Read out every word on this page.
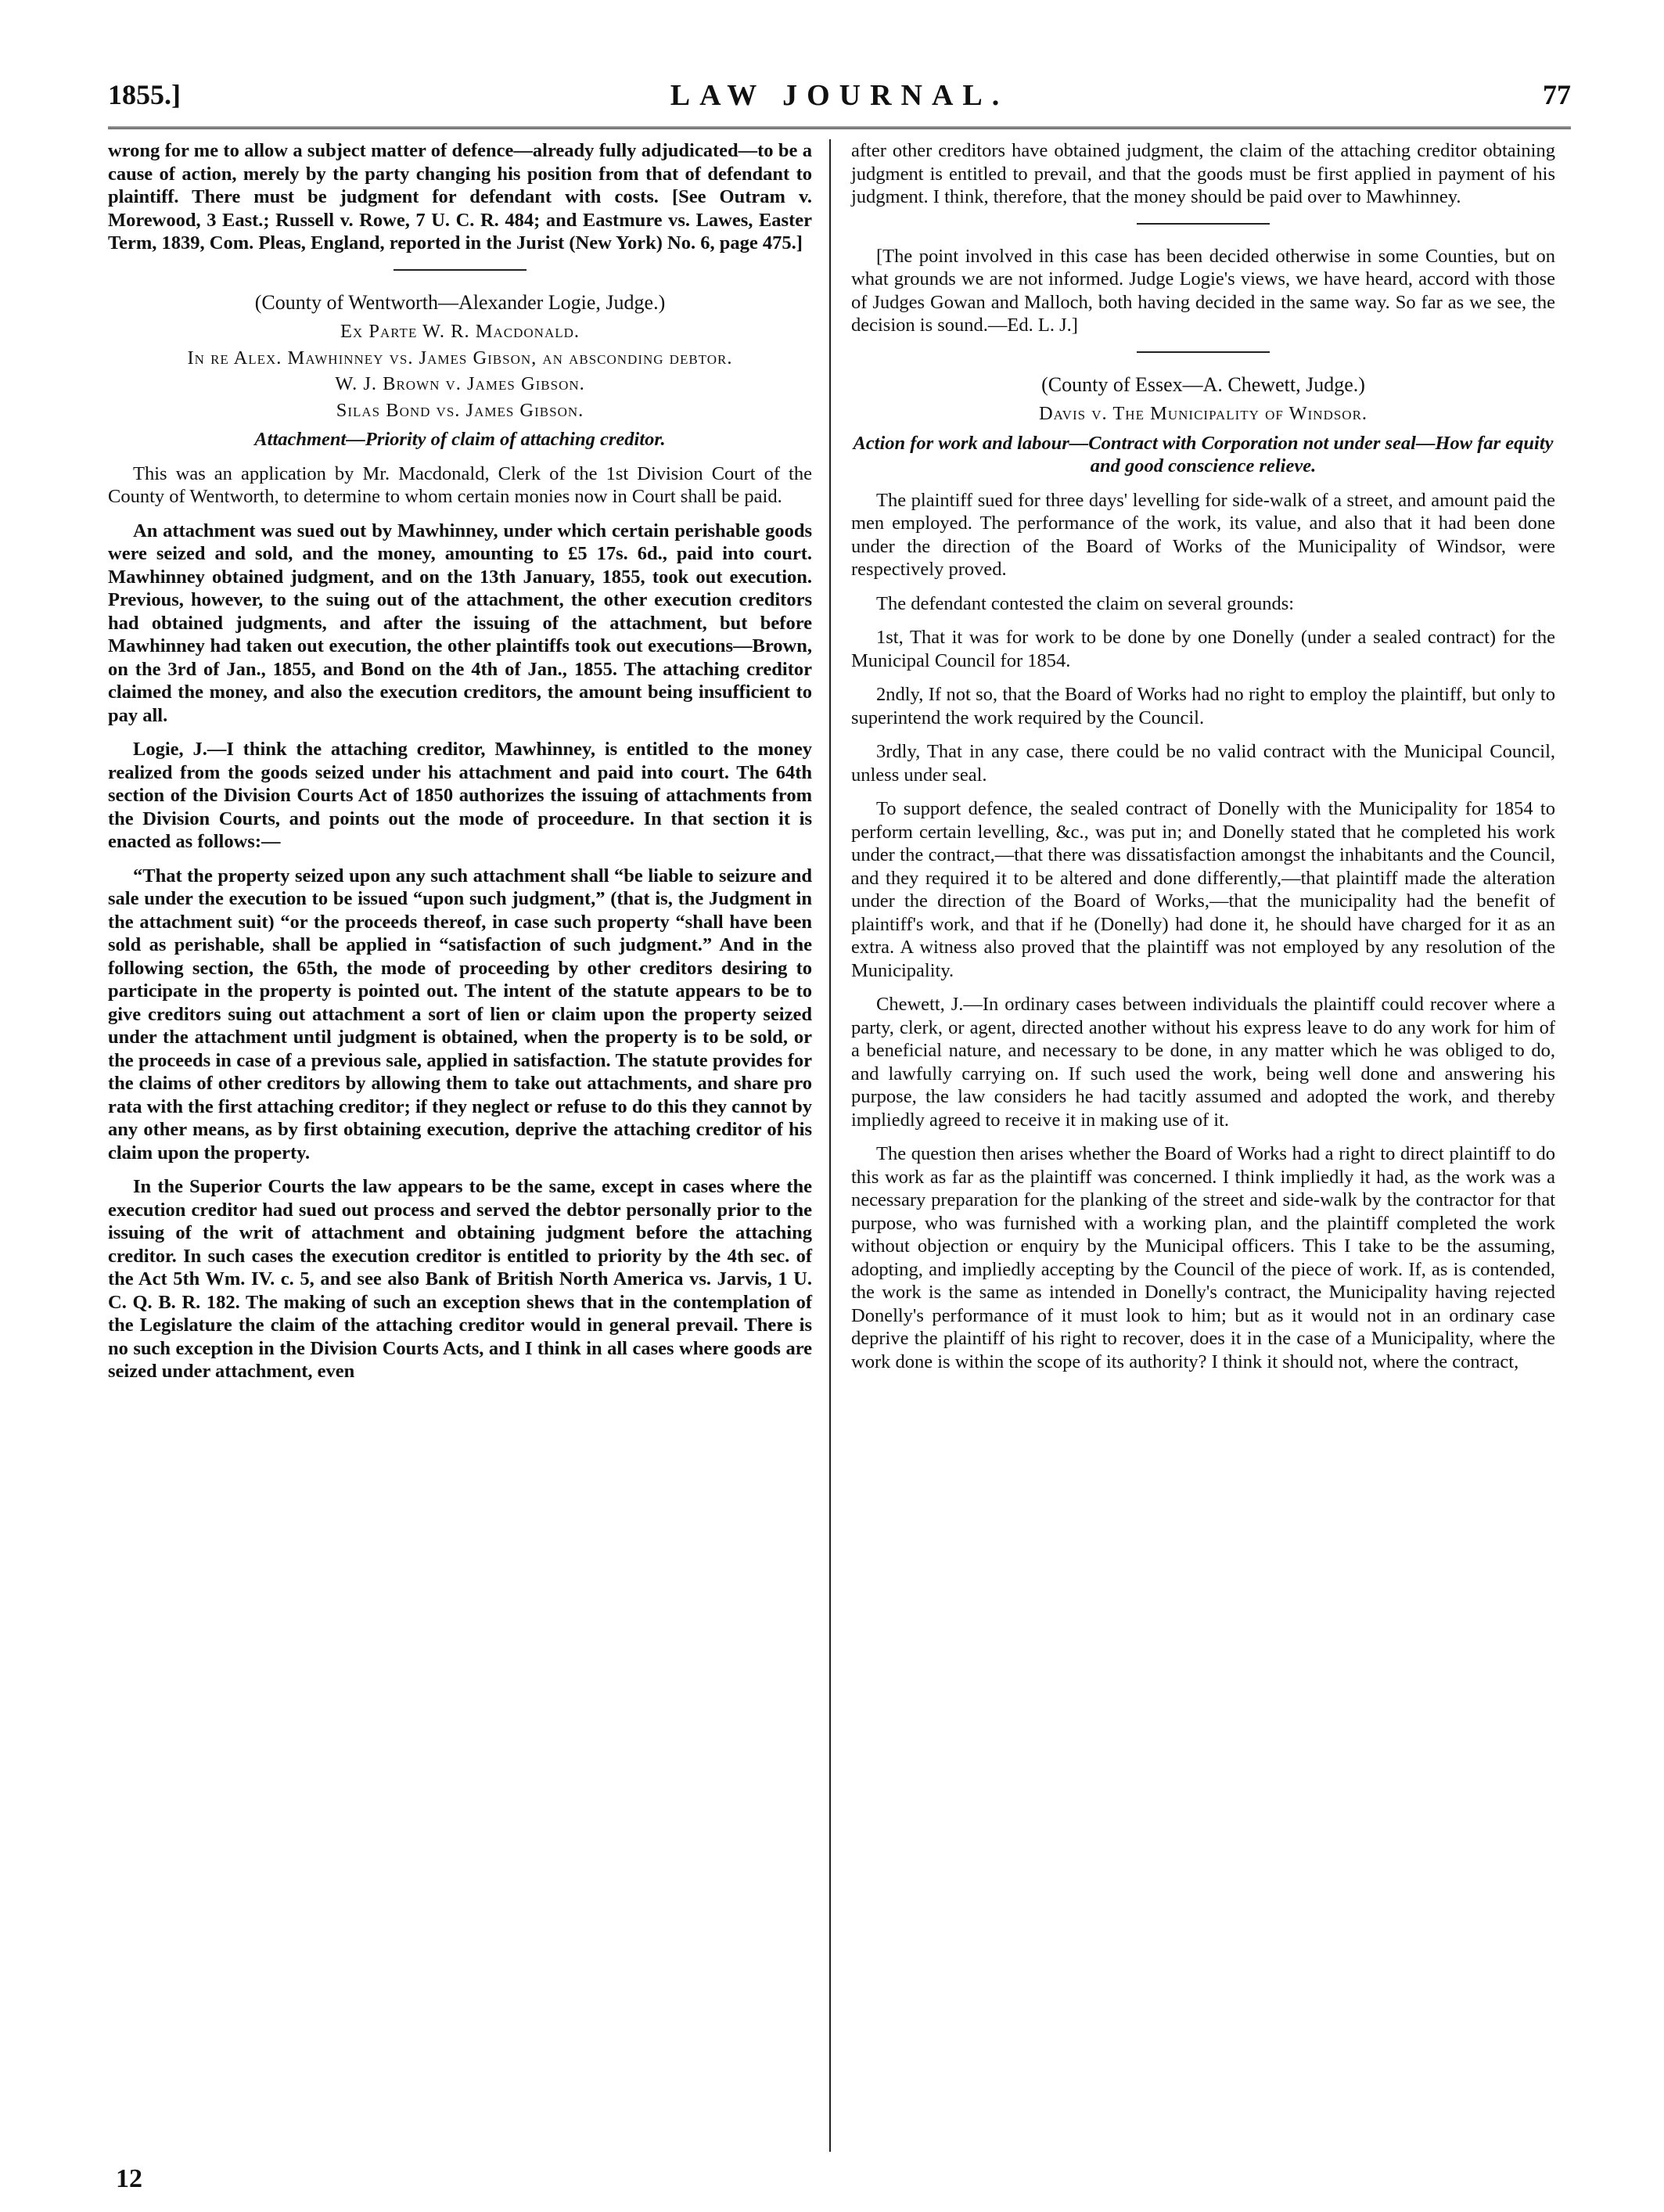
1855.]	LAW JOURNAL.	77

wrong for me to allow a subject matter of defence—already fully adjudicated—to be a cause of action, merely by the party changing his position from that of defendant to plaintiff. There must be judgment for defendant with costs. [See Outram v. Morewood, 3 East.; Russell v. Rowe, 7 U. C. R. 484; and Eastmure vs. Lawes, Easter Term, 1839, Com. Pleas, England, reported in the Jurist (New York) No. 6, page 475.]

(County of Wentworth—Alexander Logie, Judge.)

Ex Parte W. R. Macdonald.

In re Alex. Mawhinney vs. James Gibson, an absconding debtor.

W. J. Brown v. James Gibson.

Silas Bond vs. James Gibson.

Attachment—Priority of claim of attaching creditor.

This was an application by Mr. Macdonald, Clerk of the 1st Division Court of the County of Wentworth, to determine to whom certain monies now in Court shall be paid.

An attachment was sued out by Mawhinney, under which certain perishable goods were seized and sold, and the money, amounting to £5 17s. 6d., paid into court. Mawhinney obtained judgment, and on the 13th January, 1855, took out execution. Previous, however, to the suing out of the attachment, the other execution creditors had obtained judgments, and after the issuing of the attachment, but before Mawhinney had taken out execution, the other plaintiffs took out executions—Brown, on the 3rd of Jan., 1855, and Bond on the 4th of Jan., 1855. The attaching creditor claimed the money, and also the execution creditors, the amount being insufficient to pay all.

Logie, J.—I think the attaching creditor, Mawhinney, is entitled to the money realized from the goods seized under his attachment and paid into court. The 64th section of the Division Courts Act of 1850 authorizes the issuing of attachments from the Division Courts, and points out the mode of proceedure. In that section it is enacted as follows:—

“That the property seized upon any such attachment shall “be liable to seizure and sale under the execution to be issued “upon such judgment,” (that is, the Judgment in the attachment suit) “or the proceeds thereof, in case such property “shall have been sold as perishable, shall be applied in “satisfaction of such judgment.” And in the following section, the 65th, the mode of proceeding by other creditors desiring to participate in the property is pointed out. The intent of the statute appears to be to give creditors suing out attachment a sort of lien or claim upon the property seized under the attachment until judgment is obtained, when the property is to be sold, or the proceeds in case of a previous sale, applied in satisfaction. The statute provides for the claims of other creditors by allowing them to take out attachments, and share pro rata with the first attaching creditor; if they neglect or refuse to do this they cannot by any other means, as by first obtaining execution, deprive the attaching creditor of his claim upon the property.

In the Superior Courts the law appears to be the same, except in cases where the execution creditor had sued out process and served the debtor personally prior to the issuing of the writ of attachment and obtaining judgment before the attaching creditor. In such cases the execution creditor is entitled to priority by the 4th sec. of the Act 5th Wm. IV. c. 5, and see also Bank of British North America vs. Jarvis, 1 U. C. Q. B. R. 182. The making of such an exception shews that in the contemplation of the Legislature the claim of the attaching creditor would in general prevail. There is no such exception in the Division Courts Acts, and I think in all cases where goods are seized under attachment, even

after other creditors have obtained judgment, the claim of the attaching creditor obtaining judgment is entitled to prevail, and that the goods must be first applied in payment of his judgment. I think, therefore, that the money should be paid over to Mawhinney.

[The point involved in this case has been decided otherwise in some Counties, but on what grounds we are not informed. Judge Logie's views, we have heard, accord with those of Judges Gowan and Malloch, both having decided in the same way. So far as we see, the decision is sound.—Ed. L. J.]

(County of Essex—A. Chewett, Judge.)

Davis v. The Municipality of Windsor.

Action for work and labour—Contract with Corporation not under seal—How far equity and good conscience relieve.

The plaintiff sued for three days' levelling for side-walk of a street, and amount paid the men employed. The performance of the work, its value, and also that it had been done under the direction of the Board of Works of the Municipality of Windsor, were respectively proved.

The defendant contested the claim on several grounds:

1st, That it was for work to be done by one Donelly (under a sealed contract) for the Municipal Council for 1854.

2ndly, If not so, that the Board of Works had no right to employ the plaintiff, but only to superintend the work required by the Council.

3rdly, That in any case, there could be no valid contract with the Municipal Council, unless under seal.

To support defence, the sealed contract of Donelly with the Municipality for 1854 to perform certain levelling, &c., was put in; and Donelly stated that he completed his work under the contract,—that there was dissatisfaction amongst the inhabitants and the Council, and they required it to be altered and done differently,—that plaintiff made the alteration under the direction of the Board of Works,—that the municipality had the benefit of plaintiff's work, and that if he (Donelly) had done it, he should have charged for it as an extra. A witness also proved that the plaintiff was not employed by any resolution of the Municipality.

Chewett, J.—In ordinary cases between individuals the plaintiff could recover where a party, clerk, or agent, directed another without his express leave to do any work for him of a beneficial nature, and necessary to be done, in any matter which he was obliged to do, and lawfully carrying on. If such used the work, being well done and answering his purpose, the law considers he had tacitly assumed and adopted the work, and thereby impliedly agreed to receive it in making use of it.

The question then arises whether the Board of Works had a right to direct plaintiff to do this work as far as the plaintiff was concerned. I think impliedly it had, as the work was a necessary preparation for the planking of the street and side-walk by the contractor for that purpose, who was furnished with a working plan, and the plaintiff completed the work without objection or enquiry by the Municipal officers. This I take to be the assuming, adopting, and impliedly accepting by the Council of the piece of work. If, as is contended, the work is the same as intended in Donelly's contract, the Municipality having rejected Donelly's performance of it must look to him; but as it would not in an ordinary case deprive the plaintiff of his right to recover, does it in the case of a Municipality, where the work done is within the scope of its authority? I think it should not, where the contract,

12
